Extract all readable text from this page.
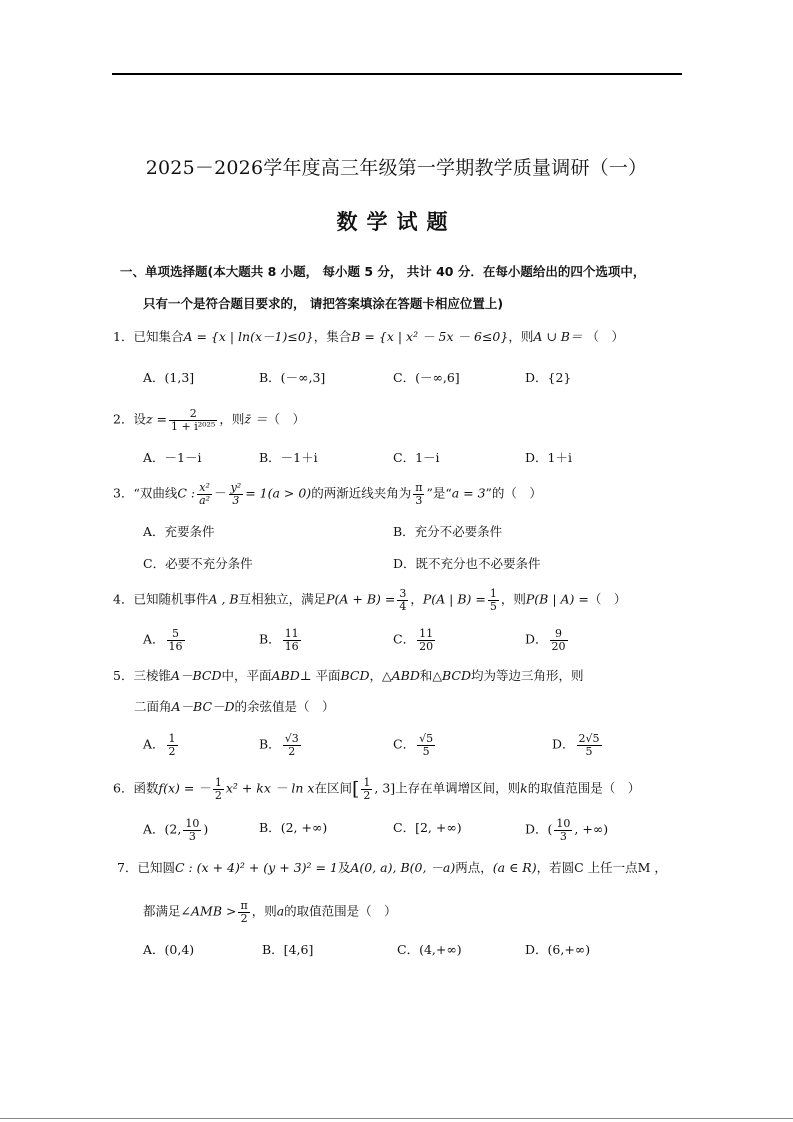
2025－2026学年度高三年级第一学期教学质量调研（一）
数学试题
一、单项选择题(本大题共 8 小题， 每小题 5 分， 共计 40 分．在每小题给出的四个选项中，
只有一个是符合题目要求的， 请把答案填涂在答题卡相应位置上)
1．已知集合A = {x | ln(x－1)≤0}，集合B = {x | x² － 5x － 6≤0}，则A ∪ B＝ （　）
A．(1,3]	B．(－∞,3]	C．(－∞,6]	D．{2}
2．设$z = \frac{2}{\text{1 + i²⁰²⁵}}$ ，则z̄ ＝（　）
A．－1－i	B．－1＋i	C．1－i	D．1＋i
3．“双曲线C : $\frac{\text{x²}}{\text{a²}} - \frac{\text{y²}}{3} = 1(a > 0)$的两渐近线夹角为 $\frac{\pi}{3}$ ”是“a = 3”的（　）
A．充要条件	B．充分不必要条件
C．必要不充分条件	D．既不充分也不必要条件
4．已知随机事件A , B互相独立，满足$P(A + B) = \frac{3}{4}$ ，P(A | $B) = \frac{1}{5}$ ，则P(B | A) =（　）
A． $\frac{5}{16}$	B． $\frac{11}{16}$	C． $\frac{11}{20}$	D． $\frac{9}{20}$
5．三棱锥A－BCD中，平面ABD⊥ 平面BCD，△ABD和△BCD均为等边三角形，则
二面角A－BC－D的余弦值是（　）
A． $\frac{1}{2}$	B． $\frac{√3}{2}$	C． $\frac{√5}{5}$	D． $\frac{2√5}{5}$
6．函数f(x) = － $\frac{1}{2} x^2$ + kx － ln x在区间[ $\frac{1}{2}$ , 3]上存在单调增区间，则k的取值范围是（　）
A．(2, $\frac{10}{3}$ )	B．(2, +∞)	C．[2, +∞)	D．( $\frac{10}{3}$ , +∞)
7．已知圆C : (x + 4)² + (y + 3)² = 1及A(0, a), B(0, －a)两点，(a ∈ R)，若圆C 上任一点M ，
都满足∠AMB > $\frac{\pi}{2}$ ，则a的取值范围是（　）
A．(0,4)	B．[4,6]	C．(4,+∞)	D．(6,+∞)
